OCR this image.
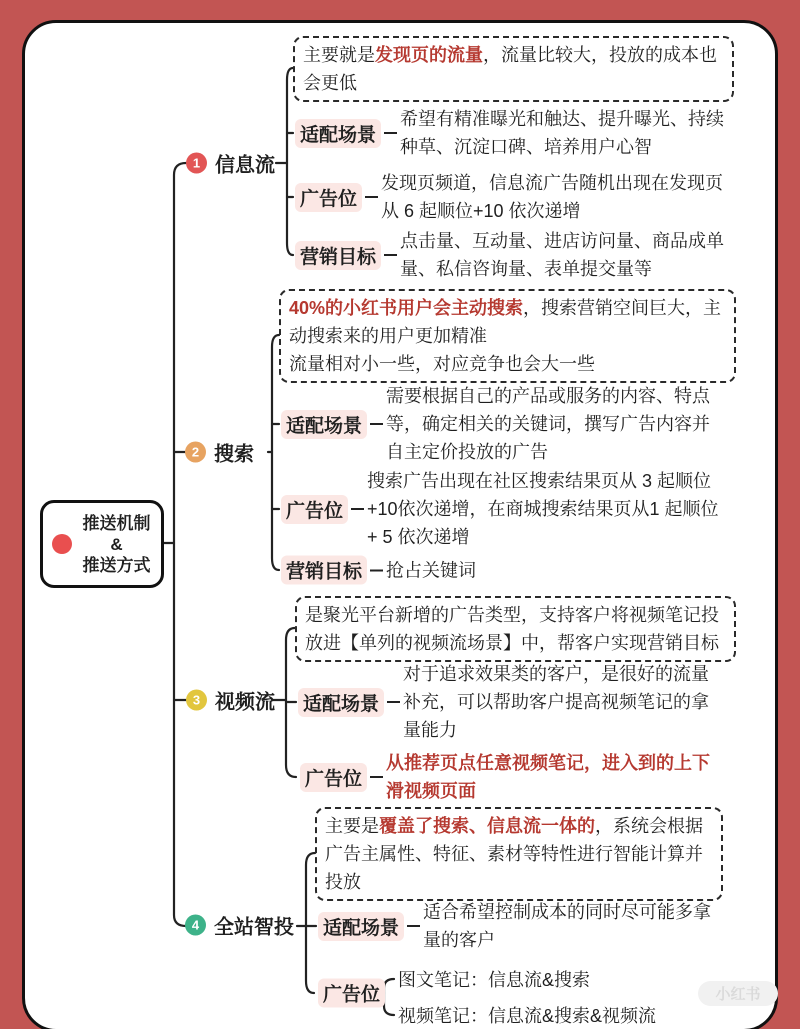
推送机制
&
推送方式
1 信息流
主要就是发现页的流量，流量比较大，投放的成本也会更低
适配场景
希望有精准曝光和触达、提升曝光、持续种草、沉淀口碑、培养用户心智
广告位
发现页频道，信息流广告随机出现在发现页从 6 起顺位+10 依次递增
营销目标
点击量、互动量、进店访问量、商品成单量、私信咨询量、表单提交量等
2 搜索
40%的小红书用户会主动搜索，搜索营销空间巨大，主动搜索来的用户更加精准
流量相对小一些，对应竞争也会大一些
适配场景
需要根据自己的产品或服务的内容、特点等，确定相关的关键词，撰写广告内容并自主定价投放的广告
广告位
搜索广告出现在社区搜索结果页从 3 起顺位+10依次递增，在商城搜索结果页从1 起顺位 + 5 依次递增
营销目标 抢占关键词
3 视频流
是聚光平台新增的广告类型，支持客户将视频笔记投放进【单列的视频流场景】中，帮客户实现营销目标
适配场景
对于追求效果类的客户，是很好的流量补充，可以帮助客户提高视频笔记的拿量能力
广告位
从推荐页点任意视频笔记，进入到的上下滑视频页面
4 全站智投
主要是覆盖了搜索、信息流一体的，系统会根据广告主属性、特征、素材等特性进行智能计算并投放
适配场景
适合希望控制成本的同时尽可能多拿量的客户
广告位
图文笔记：信息流&搜索
视频笔记：信息流&搜索&视频流
小红书
